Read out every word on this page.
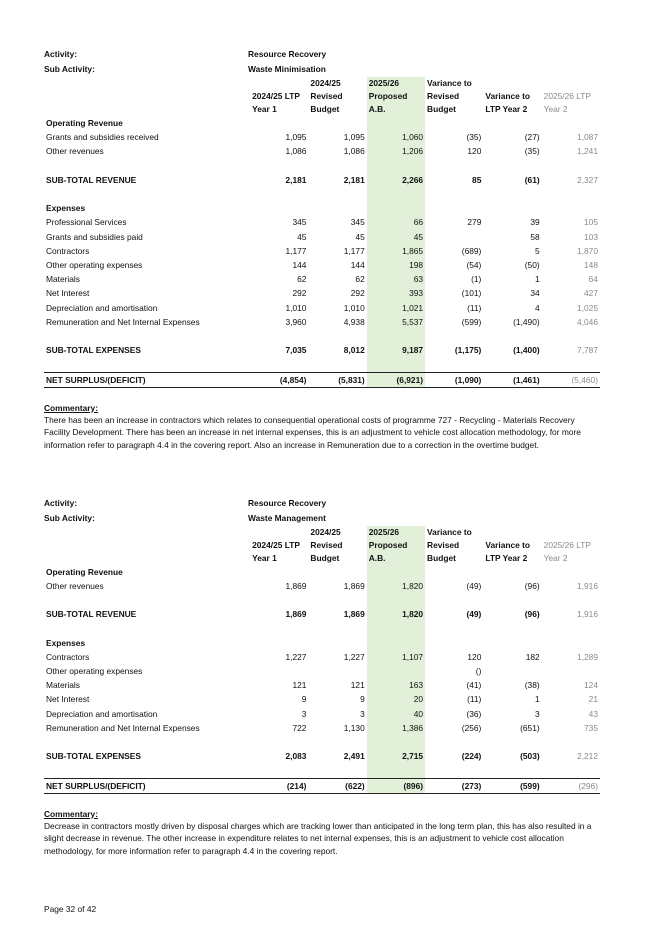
Activity:	Resource Recovery
Sub Activity:	Waste Minimisation
		2024/25	2025/26	Variance to		
	2024/25 LTP	Revised	Proposed	Revised	Variance to	2025/26 LTP
	Year 1	Budget	A.B.	Budget	LTP Year 2	Year 2
Operating Revenue						
Grants and subsidies received	1,095	1,095	1,060	(35)	(27)	1,087
Other revenues	1,086	1,086	1,206	120	(35)	1,241

SUB-TOTAL REVENUE	2,181	2,181	2,266	85	(61)	2,327

Expenses						
Professional Services	345	345	66	279	39	105
Grants and subsidies paid	45	45	45		58	103
Contractors	1,177	1,177	1,865	(689)	5	1,870
Other operating expenses	144	144	198	(54)	(50)	148
Materials	62	62	63	(1)	1	64
Net Interest	292	292	393	(101)	34	427
Depreciation and amortisation	1,010	1,010	1,021	(11)	4	1,025
Remuneration and Net Internal Expenses	3,960	4,938	5,537	(599)	(1,490)	4,046

SUB-TOTAL EXPENSES	7,035	8,012	9,187	(1,175)	(1,400)	7,787

NET SURPLUS/(DEFICIT)	(4,854)	(5,831)	(6,921)	(1,090)	(1,461)	(5,460)
Commentary:
There has been an increase in contractors which relates to consequential operational costs of programme 727 - Recycling - Materials Recovery Facility Development. There has been an increase in net internal expenses, this is an adjustment to vehicle cost allocation methodology, for more information refer to paragraph 4.4 in the covering report. Also an increase in Remuneration due to a correction in the overtime budget.
Activity:	Resource Recovery
Sub Activity:	Waste Management
		2024/25	2025/26	Variance to		
	2024/25 LTP	Revised	Proposed	Revised	Variance to	2025/26 LTP
	Year 1	Budget	A.B.	Budget	LTP Year 2	Year 2
Operating Revenue						
Other revenues	1,869	1,869	1,820	(49)	(96)	1,916

SUB-TOTAL REVENUE	1,869	1,869	1,820	(49)	(96)	1,916

Expenses						
Contractors	1,227	1,227	1,107	120	182	1,289
Other operating expenses				()		
Materials	121	121	163	(41)	(38)	124
Net Interest	9	9	20	(11)	1	21
Depreciation and amortisation	3	3	40	(36)	3	43
Remuneration and Net Internal Expenses	722	1,130	1,386	(256)	(651)	735

SUB-TOTAL EXPENSES	2,083	2,491	2,715	(224)	(503)	2,212

NET SURPLUS/(DEFICIT)	(214)	(622)	(896)	(273)	(599)	(296)
Commentary:
Decrease in contractors mostly driven by disposal charges which are tracking lower than anticipated in the long term plan, this has also resulted in a slight decrease in revenue. The other increase in expenditure relates to net internal expenses, this is an adjustment to vehicle cost allocation methodology, for more information refer to paragraph 4.4 in the covering report.
Page 32 of 42
